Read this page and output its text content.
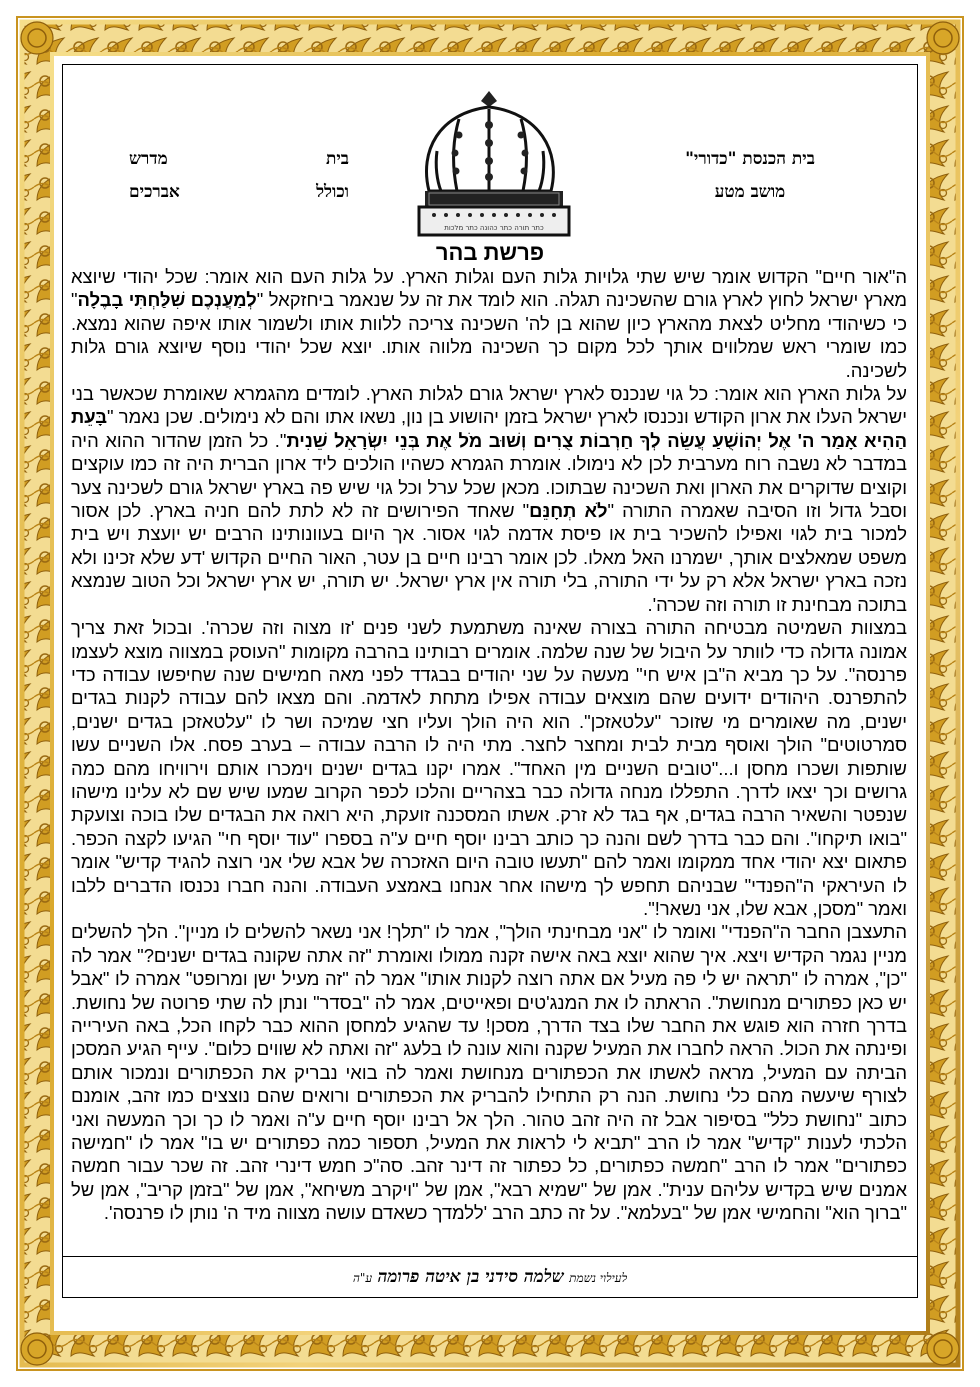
בית הכנסת "כדורי"
מושב מטע
כתר תורה כתר כהונה כתר מלכות
בית
מדרש
וכולל
אברכים
פרשת בהר

ה"אור חיים" הקדוש אומר שיש שתי גלויות גלות העם וגלות הארץ. על גלות העם הוא אומר: שכל יהודי שיוצא מארץ ישראל לחוץ לארץ גורם שהשכינה תגלה. הוא לומד את זה על שנאמר ביחזקאל "לְמַעֲנְכֶם שִׁלַּחְתִּי בָבֶלָה" כי כשיהודי מחליט לצאת מהארץ כיון שהוא בן לה' השכינה צריכה ללוות אותו ולשמור אותו איפה שהוא נמצא. כמו שומרי ראש שמלווים אותך לכל מקום כך השכינה מלווה אותו. יוצא שכל יהודי נוסף שיוצא גורם גלות לשכינה.

על גלות הארץ הוא אומר: כל גוי שנכנס לארץ ישראל גורם לגלות הארץ. לומדים מהגמרא שאומרת שכאשר בני ישראל העלו את ארון הקודש ונכנסו לארץ ישראל בזמן יהושוע בן נון, נשאו אתו והם לא נימולים. שכן נאמר "בָּעֵת הַהִיא אָמַר ה' אֶל יְהוֹשֻׁעַ עֲשֵׂה לְךָ חַרְבוֹת צֻרִים וְשׁוּב מֹל אֶת בְּנֵי יִשְׂרָאֵל שֵׁנִית". כל הזמן שהדור ההוא היה במדבר לא נשבה רוח מערבית לכן לא נימולו. אומרת הגמרא כשהיו הולכים ליד ארון הברית היה זה כמו עוקצים וקוצים שדוקרים את הארון ואת השכינה שבתוכו. מכאן שכל ערל וכל גוי שיש פה בארץ ישראל גורם לשכינה צער וסבל גדול וזו הסיבה שאמרה התורה "לֹא תְחָנֵּם" שאחד הפירושים זה לא לתת להם חניה בארץ. לכן אסור למכור בית לגוי ואפילו להשכיר בית או פיסת אדמה לגוי אסור. אך היום בעוונותינו הרבים יש יועצת ויש בית משפט שמאלצים אותך, ישמרנו האל מאלו. לכן אומר רבינו חיים בן עטר, האור החיים הקדוש 'דע שלא זכינו ולא נזכה בארץ ישראל אלא רק על ידי התורה, בלי תורה אין ארץ ישראל. יש תורה, יש ארץ ישראל וכל הטוב שנמצא בתוכה מבחינת זו תורה וזה שכרה'.

במצוות השמיטה מבטיחה התורה בצורה שאינה משתמעת לשני פנים 'זו מצוה וזה שכרה'. ובכול זאת צריך אמונה גדולה כדי לוותר על היבול של שנה שלמה. אומרים רבותינו בהרבה מקומות "העוסק במצווה מוצא לעצמו פרנסה". על כך מביא ה"בן איש חי" מעשה על שני יהודים בבגדד לפני מאה חמישים שנה שחיפשו עבודה כדי להתפרנס. היהודים ידועים שהם מוצאים עבודה אפילו מתחת לאדמה. והם מצאו להם עבודה לקנות בגדים ישנים, מה שאומרים מי שזוכר "עלטאזכן". הוא היה הולך ועליו חצי שמיכה ושר לו "עלטאזכן בגדים ישנים, סמרטוטים" הולך ואוסף מבית לבית ומחצר לחצר. מתי היה לו הרבה עבודה – בערב פסח. אלו השניים עשו שותפות ושכרו מחסן ו..."טובים השניים מין האחד". אמרו יקנו בגדים ישנים וימכרו אותם וירוויחו מהם כמה גרושים וכך יצאו לדרך. התפללו מנחה גדולה כבר בצהריים והלכו לכפר הקרוב שמעו שיש שם לא עלינו מישהו שנפטר והשאיר הרבה בגדים, אף בגד לא זרק. אשתו המסכנה זועקת, היא רואה את הבגדים שלו בוכה וצועקת "בואו תיקחו". והם כבר בדרך לשם והנה כך כותב רבינו יוסף חיים ע"ה בספרו "עוד יוסף חי" הגיעו לקצה הכפר. פתאום יצא יהודי אחד ממקומו ואמר להם "תעשו טובה היום האזכרה של אבא שלי אני רוצה להגיד קדיש" אומר לו העיראקי ה"הפנדי" שבניהם תחפש לך מישהו אחר אנחנו באמצע העבודה. והנה חברו נכנסו הדברים ללבו ואמר "מסכן, אבא שלו, אני נשאר!".

התעצבן החבר ה"הפנדי" ואומר לו "אני מבחינתי הולך", אמר לו "תלך! אני נשאר להשלים לו מניין". הלך להשלים מניין נגמר הקדיש ויצא. איך שהוא יוצא באה אישה זקנה ממולו ואומרת "זה אתה שקונה בגדים ישנים?" אמר לה "כן", אמרה לו "תראה יש לי פה מעיל אם אתה רוצה לקנות אותו" אמר לה "זה מעיל ישן ומרופט" אמרה לו "אבל יש כאן כפתורים מנחושת". הראתה לו את המנג'טים ופאייטים, אמר לה "בסדר" ונתן לה שתי פרוטה של נחושת. בדרך חזרה הוא פוגש את החבר שלו בצד הדרך, מסכן! עד שהגיע למחסן ההוא כבר לקחו הכל, באה העירייה ופינתה את הכול. הראה לחברו את המעיל שקנה והוא עונה לו בלעג "זה ואתה לא שווים כלום". עייף הגיע המסכן הביתה עם המעיל, מראה לאשתו את הכפתורים מנחושת ואמר לה בואי נבריק את הכפתורים ונמכור אותם לצורף שיעשה מהם כלי נחושת. הנה רק התחילו להבריק את הכפתורים ורואים שהם נוצצים כמו זהב, אומנם כתוב "נחושת כלל" בסיפור אבל זה היה זהב טהור. הלך אל רבינו יוסף חיים ע"ה ואמר לו כך וכך המעשה ואני הלכתי לענות "קדיש" אמר לו הרב "תביא לי לראות את המעיל, תספור כמה כפתורים יש בו" אמר לו "חמישה כפתורים" אמר לו הרב "חמשה כפתורים, כל כפתור זה דינר זהב. סה"כ חמש דינרי זהב. זה שכר עבור חמשה אמנים שיש בקדיש עליהם ענית". אמן של "שמיא רבא", אמן של "ויקרב משיחא", אמן של "בזמן קריב", אמן של "ברוך הוא" והחמישי אמן של "בעלמא". על זה כתב הרב 'ללמדך כשאדם עושה מצווה מיד ה' נותן לו פרנסה'.

לעילוי נשמת שלמה סידני בן איטה פרומה ע"ה
